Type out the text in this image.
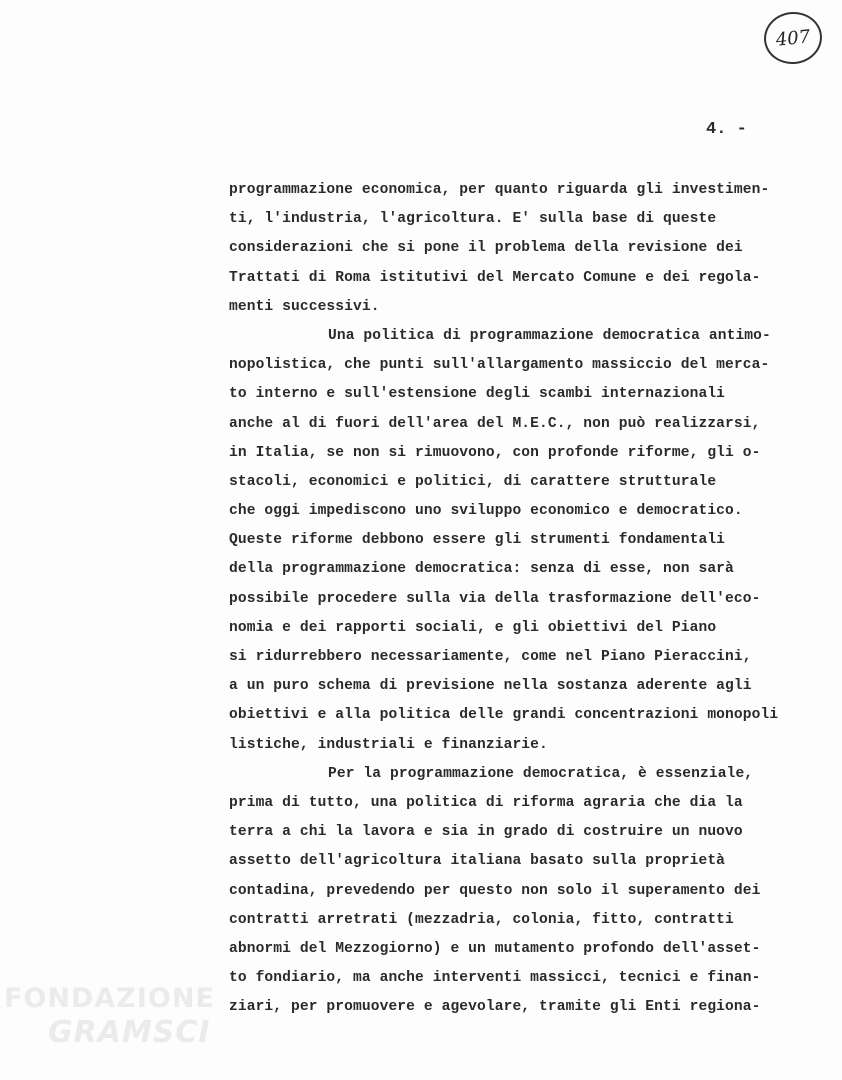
407
4. -
programmazione economica, per quanto riguarda gli investimen-
ti, l'industria, l'agricoltura. E' sulla base di queste
considerazioni che si pone il problema della revisione dei
Trattati di Roma istitutivi del Mercato Comune e dei regola-
menti successivi.
Una politica di programmazione democratica antimo-
nopolistica, che punti sull'allargamento massiccio del merca-
to interno e sull'estensione degli scambi internazionali
anche al di fuori dell'area del M.E.C., non può realizzarsi,
in Italia, se non si rimuovono, con profonde riforme, gli o-
stacoli, economici e politici, di carattere strutturale
che oggi impediscono uno sviluppo economico e democratico.
Queste riforme debbono essere gli strumenti fondamentali
della programmazione democratica: senza di esse, non sarà
possibile procedere sulla via della trasformazione dell'eco-
nomia e dei rapporti sociali, e gli obiettivi del Piano
si ridurrebbero necessariamente, come nel Piano Pieraccini,
a un puro schema di previsione nella sostanza aderente agli
obiettivi e alla politica delle grandi concentrazioni monopoli
listiche, industriali e finanziarie.
Per la programmazione democratica, è essenziale,
prima di tutto, una politica di riforma agraria che dia la
terra a chi la lavora e sia in grado di costruire un nuovo
assetto dell'agricoltura italiana basato sulla proprietà
contadina, prevedendo per questo non solo il superamento dei
contratti arretrati (mezzadria, colonia, fitto, contratti
abnormi del Mezzogiorno) e un mutamento profondo dell'asset-
to fondiario, ma anche interventi massicci, tecnici e finan-
ziari, per promuovere e agevolare, tramite gli Enti regiona-
FONDAZIONE
GRAMSCI
